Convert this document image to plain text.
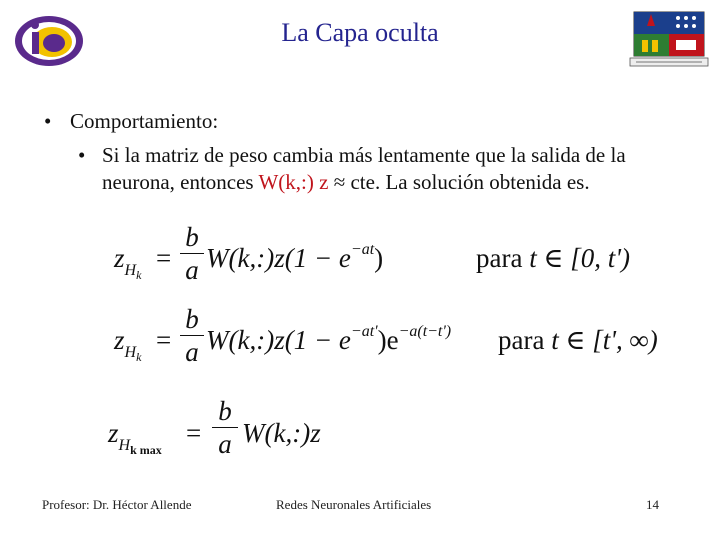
La Capa oculta
• Comportamiento:
• Si la matriz de peso cambia más lentamente que la salida de la neurona, entonces W(k,:) z ≈ cte. La solución obtenida es.
$z_{Hk}$
=
b
a W(k,:)z(1 − $e^{-at}$)	para t ∈ [0, t')
$z_{Hk}$
=
b
a W(k,:)z(1 − $e^{-at'})e^{-a(t-t')}$ para t ∈ [t', ∞)
$z_{Hk max}$
=
b
a W(k,:)z
Profesor: Dr. Héctor Allende	Redes Neuronales Artificiales	14
